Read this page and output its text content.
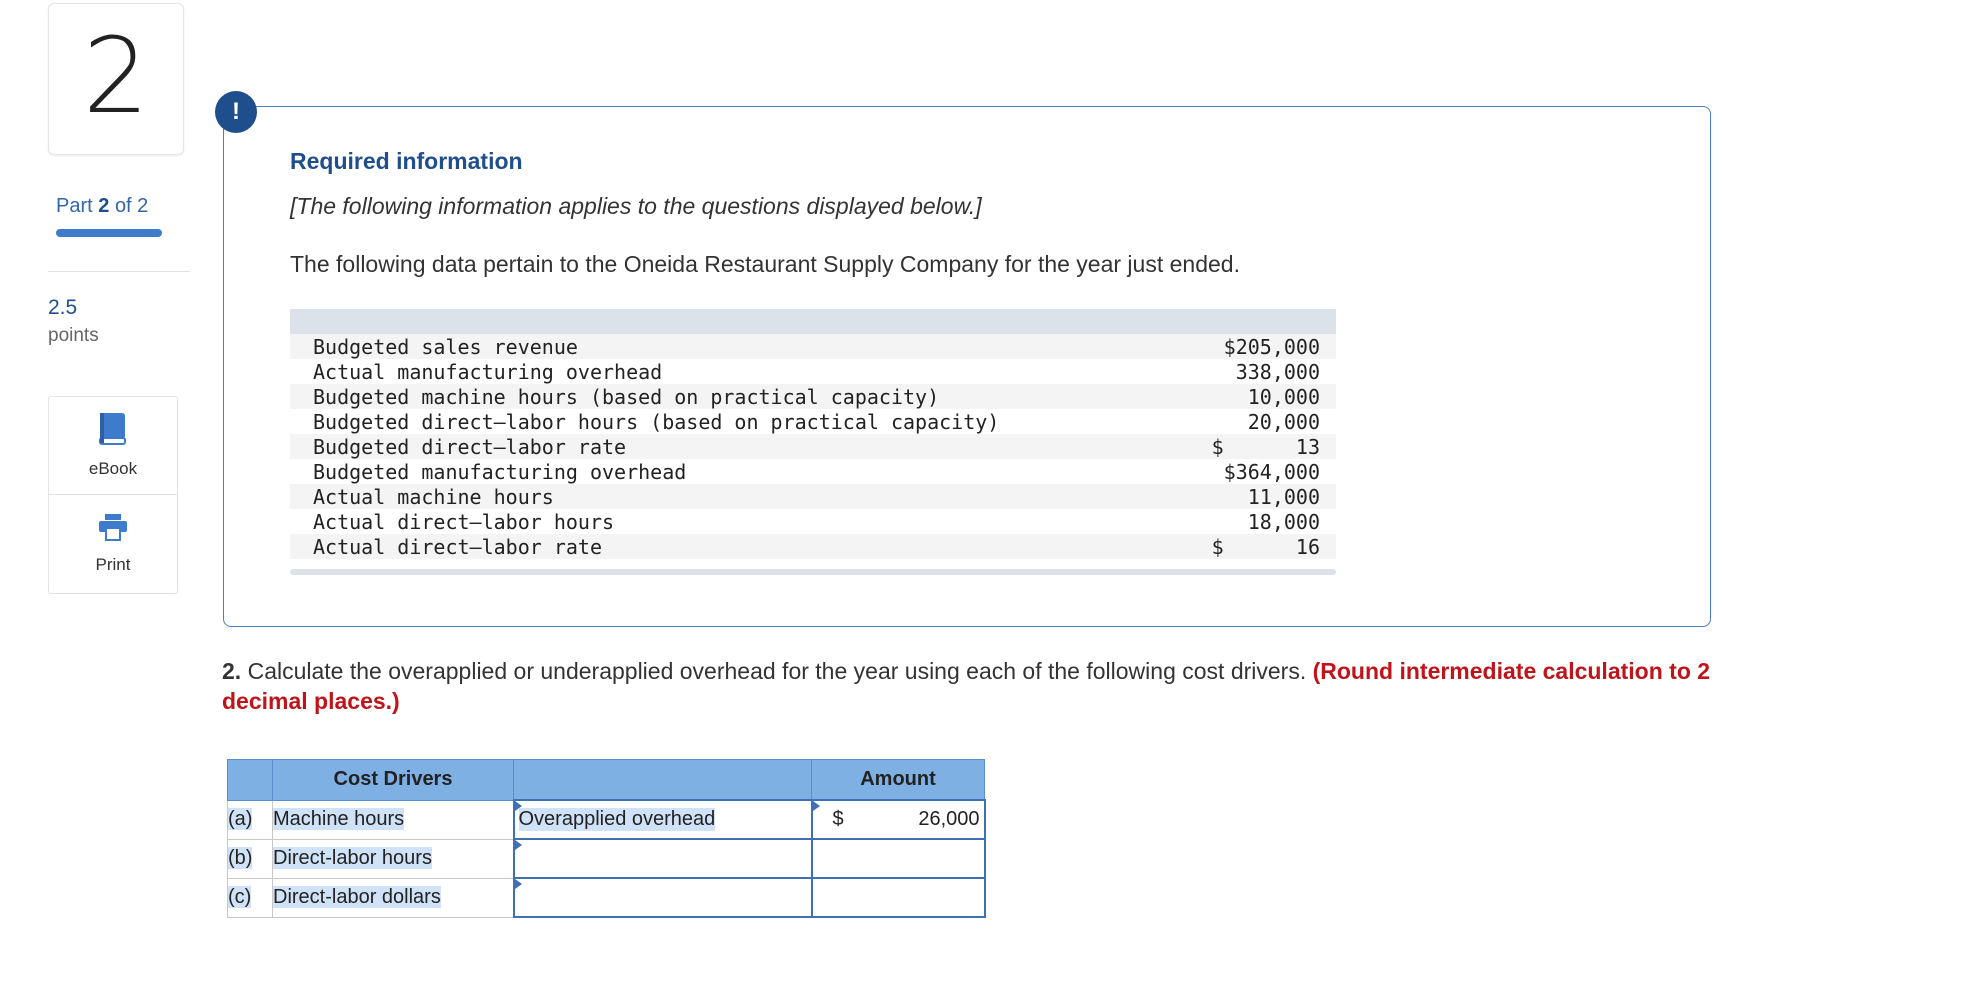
2
Part 2 of 2
2.5
points
eBook
Print
!
Required information
[The following information applies to the questions displayed below.]
The following data pertain to the Oneida Restaurant Supply Company for the year just ended.
Budgeted sales revenue	$205,000
Actual manufacturing overhead	338,000
Budgeted machine hours (based on practical capacity)	10,000
Budgeted direct–labor hours (based on practical capacity)	20,000
Budgeted direct–labor rate	$      13
Budgeted manufacturing overhead	$364,000
Actual machine hours	11,000
Actual direct–labor hours	18,000
Actual direct–labor rate	$      16
2. Calculate the overapplied or underapplied overhead for the year using each of the following cost drivers. (Round intermediate calculation to 2 decimal places.)
	Cost Drivers		Amount
(a)	Machine hours	Overapplied overhead	$ 26,000

(b)	Direct-labor hours	

(c)	Direct-labor dollars	
